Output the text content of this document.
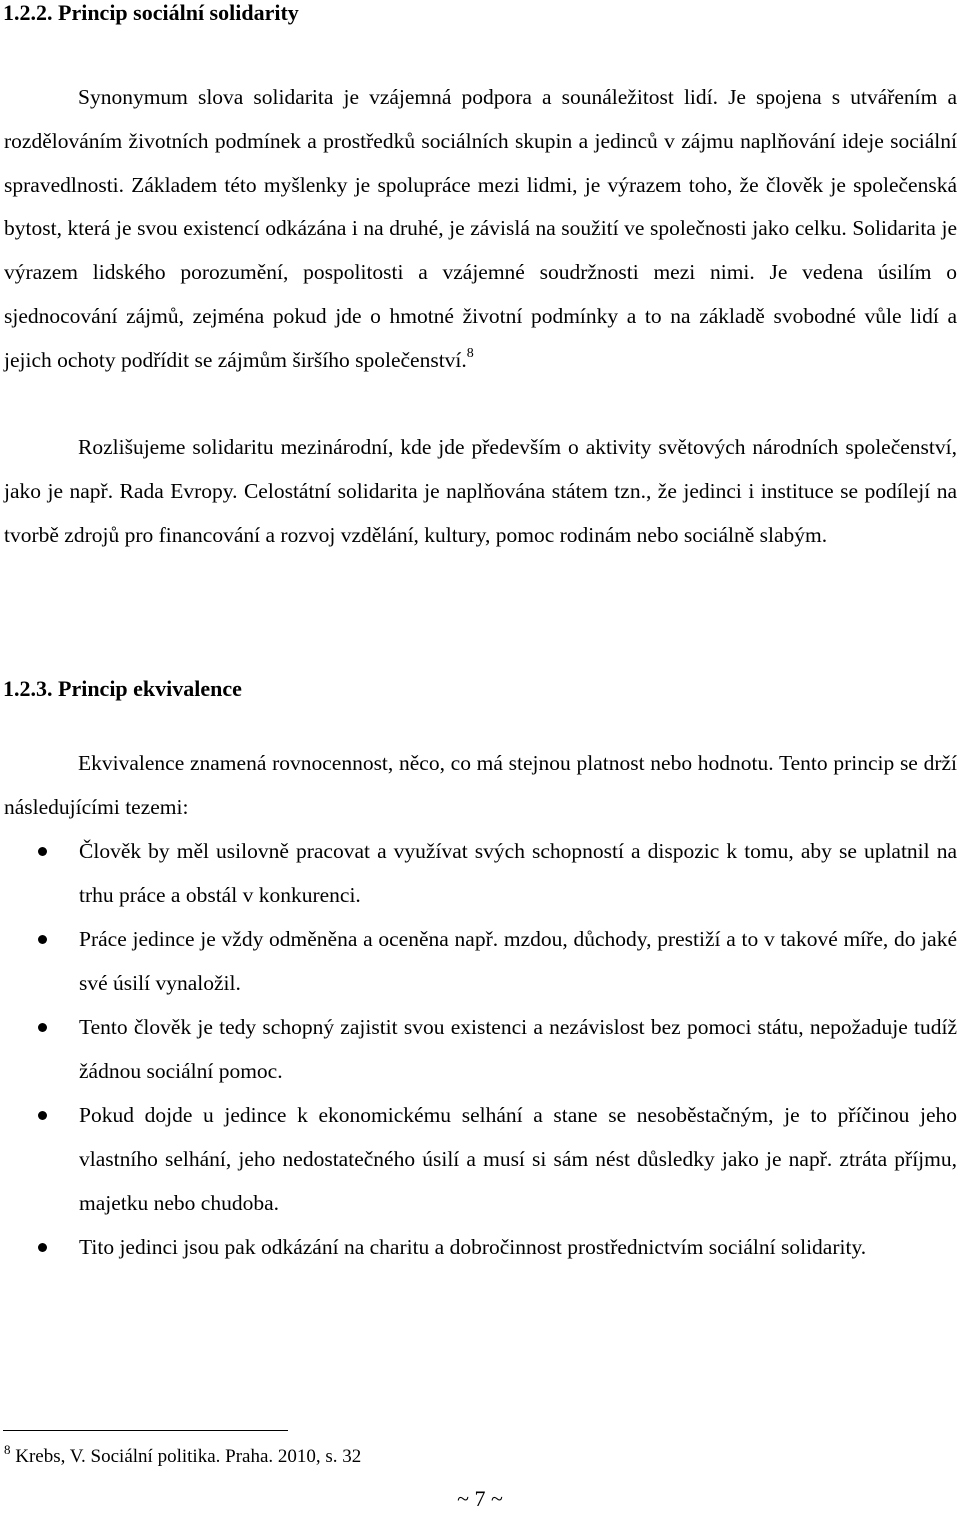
1.2.2. Princip sociální solidarity

Synonymum slova solidarita je vzájemná podpora a sounáležitost lidí. Je spojena s utvářením a rozdělováním životních podmínek a prostředků sociálních skupin a jedinců v zájmu naplňování ideje sociální spravedlnosti. Základem této myšlenky je spolupráce mezi lidmi, je výrazem toho, že člověk je společenská bytost, která je svou existencí odkázána i na druhé, je závislá na soužití ve společnosti jako celku. Solidarita je výrazem lidského porozumění, pospolitosti a vzájemné soudržnosti mezi nimi. Je vedena úsilím o sjednocování zájmů, zejména pokud jde o hmotné životní podmínky a to na základě svobodné vůle lidí a jejich ochoty podřídit se zájmům širšího společenství.$^8$

Rozlišujeme solidaritu mezinárodní, kde jde především o aktivity světových národních společenství, jako je např. Rada Evropy. Celostátní solidarita je naplňována státem tzn., že jedinci i instituce se podílejí na tvorbě zdrojů pro financování a rozvoj vzdělání, kultury, pomoc rodinám nebo sociálně slabým.

1.2.3. Princip ekvivalence

Ekvivalence znamená rovnocennost, něco, co má stejnou platnost nebo hodnotu. Tento princip se drží následujícími tezemi:

Člověk by měl usilovně pracovat a využívat svých schopností a dispozic k tomu, aby se uplatnil na trhu práce a obstál v konkurenci.
Práce jedince je vždy odměněna a oceněna např. mzdou, důchody, prestiží a to v takové míře, do jaké své úsilí vynaložil.
Tento člověk je tedy schopný zajistit svou existenci a nezávislost bez pomoci státu, nepožaduje tudíž žádnou sociální pomoc.
Pokud dojde u jedince k ekonomickému selhání a stane se nesoběstačným, je to příčinou jeho vlastního selhání, jeho nedostatečného úsilí a musí si sám nést důsledky jako je např. ztráta příjmu, majetku nebo chudoba.
Tito jedinci jsou pak odkázání na charitu a dobročinnost prostřednictvím sociální solidarity.
$^8$ Krebs, V. Sociální politika. Praha. 2010, s. 32
~ 7 ~
